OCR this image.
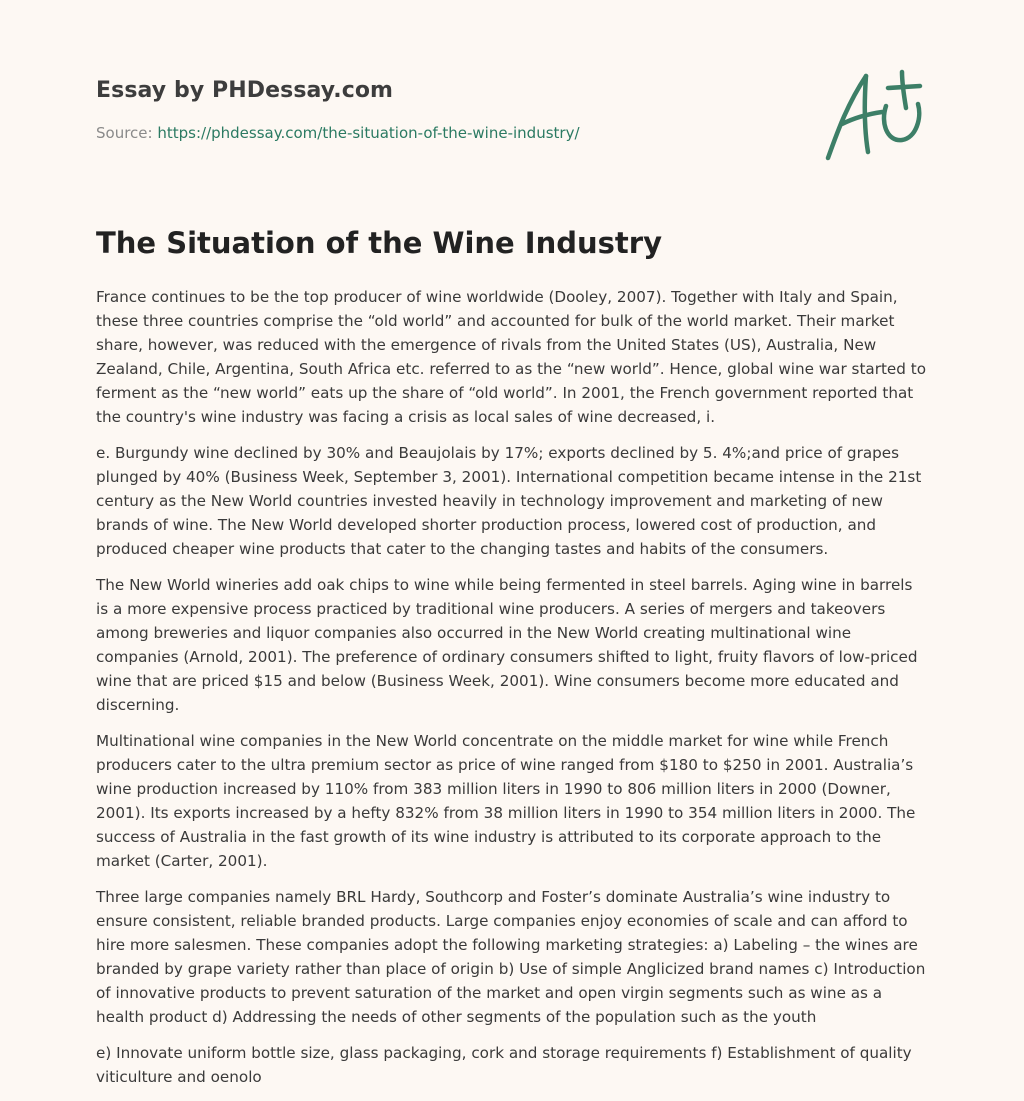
Essay by PHDessay.com
Source: https://phdessay.com/the-situation-of-the-wine-industry/
The Situation of the Wine Industry

France continues to be the top producer of wine worldwide (Dooley, 2007). Together with Italy and Spain, these three countries comprise the “old world” and accounted for bulk of the world market. Their market share, however, was reduced with the emergence of rivals from the United States (US), Australia, New Zealand, Chile, Argentina, South Africa etc. referred to as the “new world”. Hence, global wine war started to ferment as the “new world” eats up the share of “old world”. In 2001, the French government reported that the country's wine industry was facing a crisis as local sales of wine decreased, i.

e. Burgundy wine declined by 30% and Beaujolais by 17%; exports declined by 5. 4%;and price of grapes plunged by 40% (Business Week, September 3, 2001). International competition became intense in the 21st century as the New World countries invested heavily in technology improvement and marketing of new brands of wine. The New World developed shorter production process, lowered cost of production, and produced cheaper wine products that cater to the changing tastes and habits of the consumers.

The New World wineries add oak chips to wine while being fermented in steel barrels. Aging wine in barrels is a more expensive process practiced by traditional wine producers. A series of mergers and takeovers among breweries and liquor companies also occurred in the New World creating multinational wine companies (Arnold, 2001). The preference of ordinary consumers shifted to light, fruity flavors of low-priced wine that are priced $15 and below (Business Week, 2001). Wine consumers become more educated and discerning.

Multinational wine companies in the New World concentrate on the middle market for wine while French producers cater to the ultra premium sector as price of wine ranged from $180 to $250 in 2001. Australia’s wine production increased by 110% from 383 million liters in 1990 to 806 million liters in 2000 (Downer, 2001). Its exports increased by a hefty 832% from 38 million liters in 1990 to 354 million liters in 2000. The success of Australia in the fast growth of its wine industry is attributed to its corporate approach to the market (Carter, 2001).

Three large companies namely BRL Hardy, Southcorp and Foster’s dominate Australia’s wine industry to ensure consistent, reliable branded products. Large companies enjoy economies of scale and can afford to hire more salesmen. These companies adopt the following marketing strategies: a) Labeling – the wines are branded by grape variety rather than place of origin b) Use of simple Anglicized brand names c) Introduction of innovative products to prevent saturation of the market and open virgin segments such as wine as a health product d) Addressing the needs of other segments of the population such as the youth

e) Innovate uniform bottle size, glass packaging, cork and storage requirements f) Establishment of quality viticulture and oenolo
